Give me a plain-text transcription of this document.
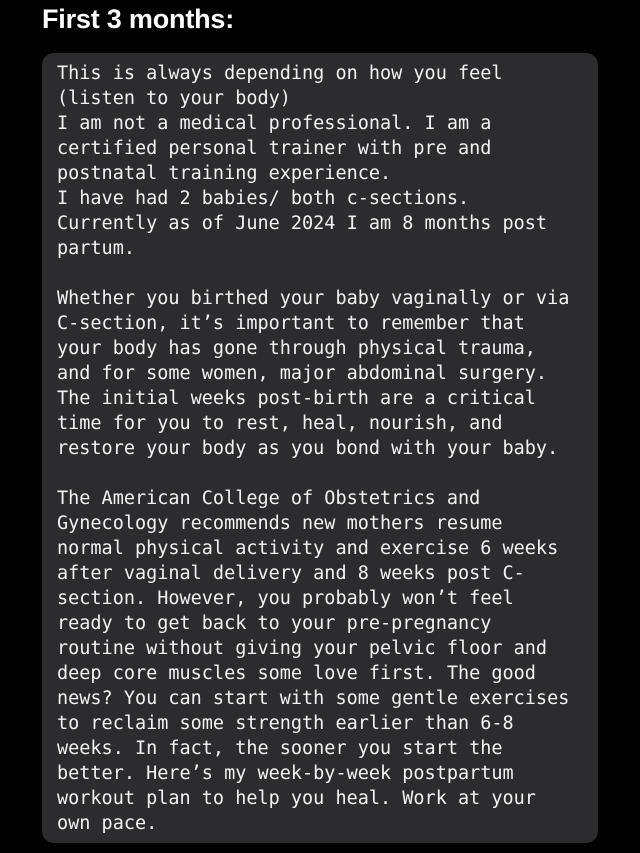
First 3 months:

This is always depending on how you feel
(listen to your body)
I am not a medical professional. I am a
certified personal trainer with pre and
postnatal training experience.
I have had 2 babies/ both c-sections.
Currently as of June 2024 I am 8 months post
partum.

Whether you birthed your baby vaginally or via
C-section, it’s important to remember that
your body has gone through physical trauma,
and for some women, major abdominal surgery.
The initial weeks post-birth are a critical
time for you to rest, heal, nourish, and
restore your body as you bond with your baby.

The American College of Obstetrics and
Gynecology recommends new mothers resume
normal physical activity and exercise 6 weeks
after vaginal delivery and 8 weeks post C-
section. However, you probably won’t feel
ready to get back to your pre-pregnancy
routine without giving your pelvic floor and
deep core muscles some love first. The good
news? You can start with some gentle exercises
to reclaim some strength earlier than 6-8
weeks. In fact, the sooner you start the
better. Here’s my week-by-week postpartum
workout plan to help you heal. Work at your
own pace.
